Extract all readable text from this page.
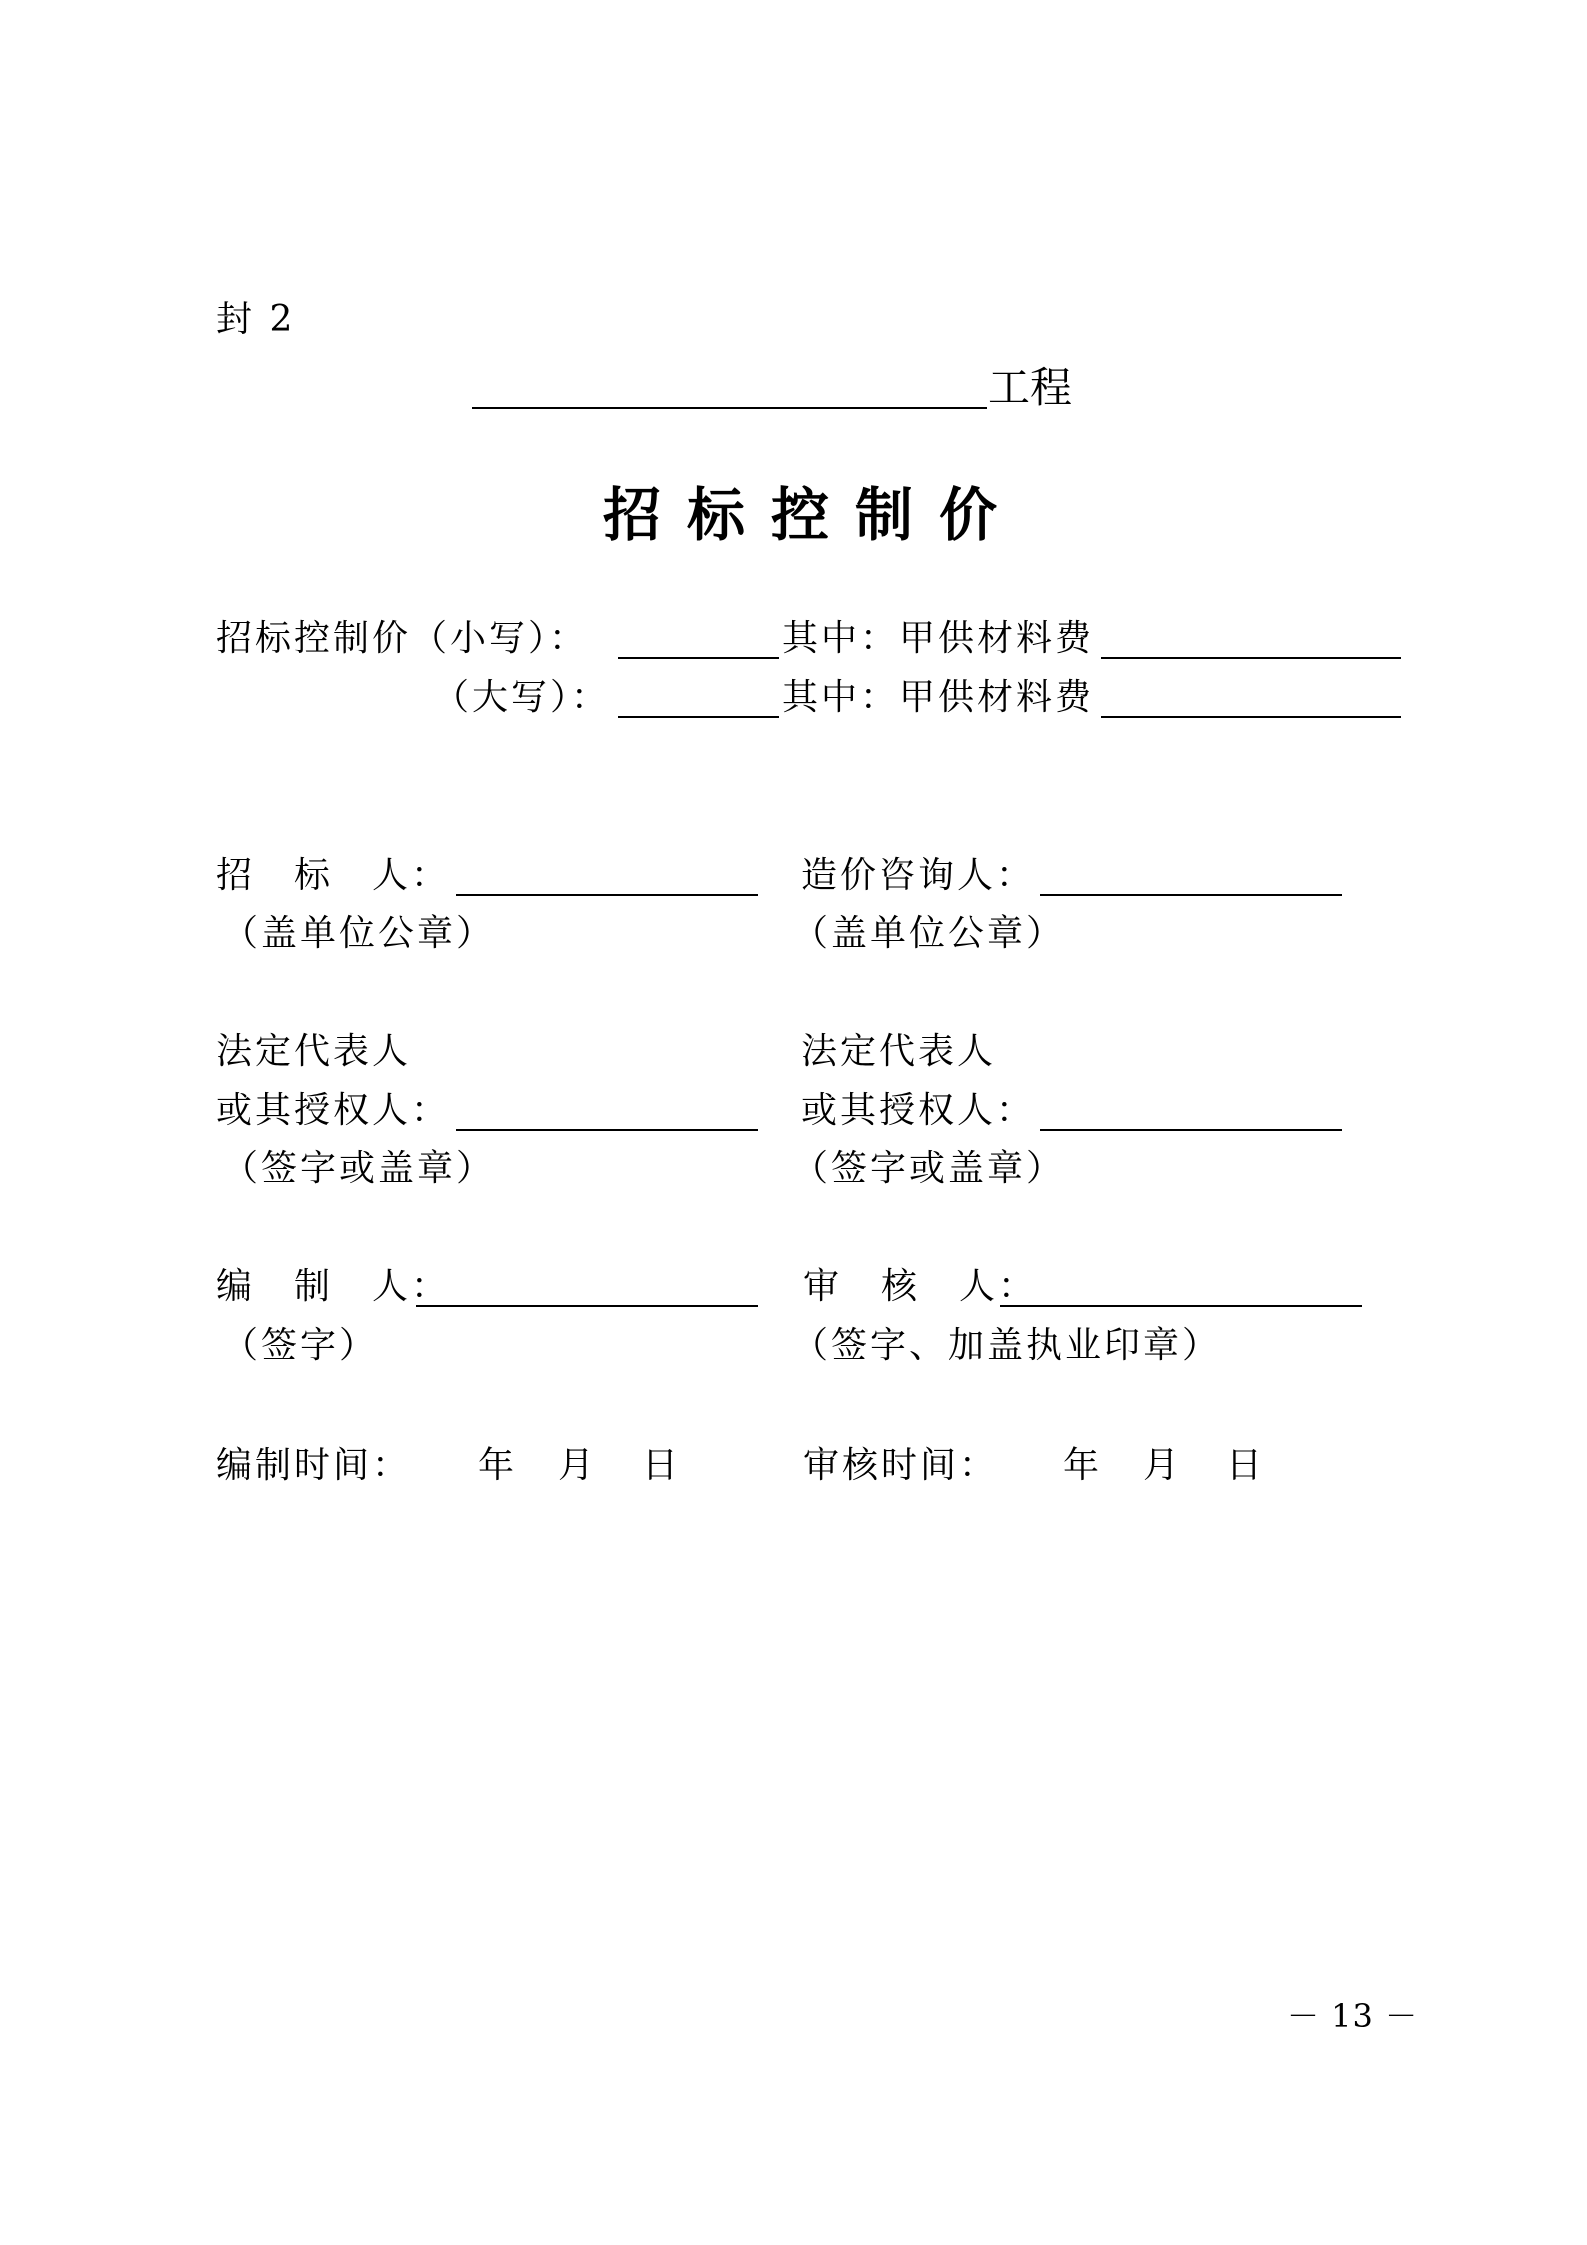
封 2
工程
招标控制价
招标控制价（小写）：	其中：甲供材料费
（大写）：	其中：甲供材料费
招　标　人：
（盖单位公章）
法定代表人
或其授权人：
（签字或盖章）
编　制　人：
（签字）
编制时间： 年 月 日
造价咨询人：
（盖单位公章）
法定代表人
或其授权人：
（签字或盖章）
审　核　人：
（签字、加盖执业印章）
审核时间： 年 月 日
－ 13 －
